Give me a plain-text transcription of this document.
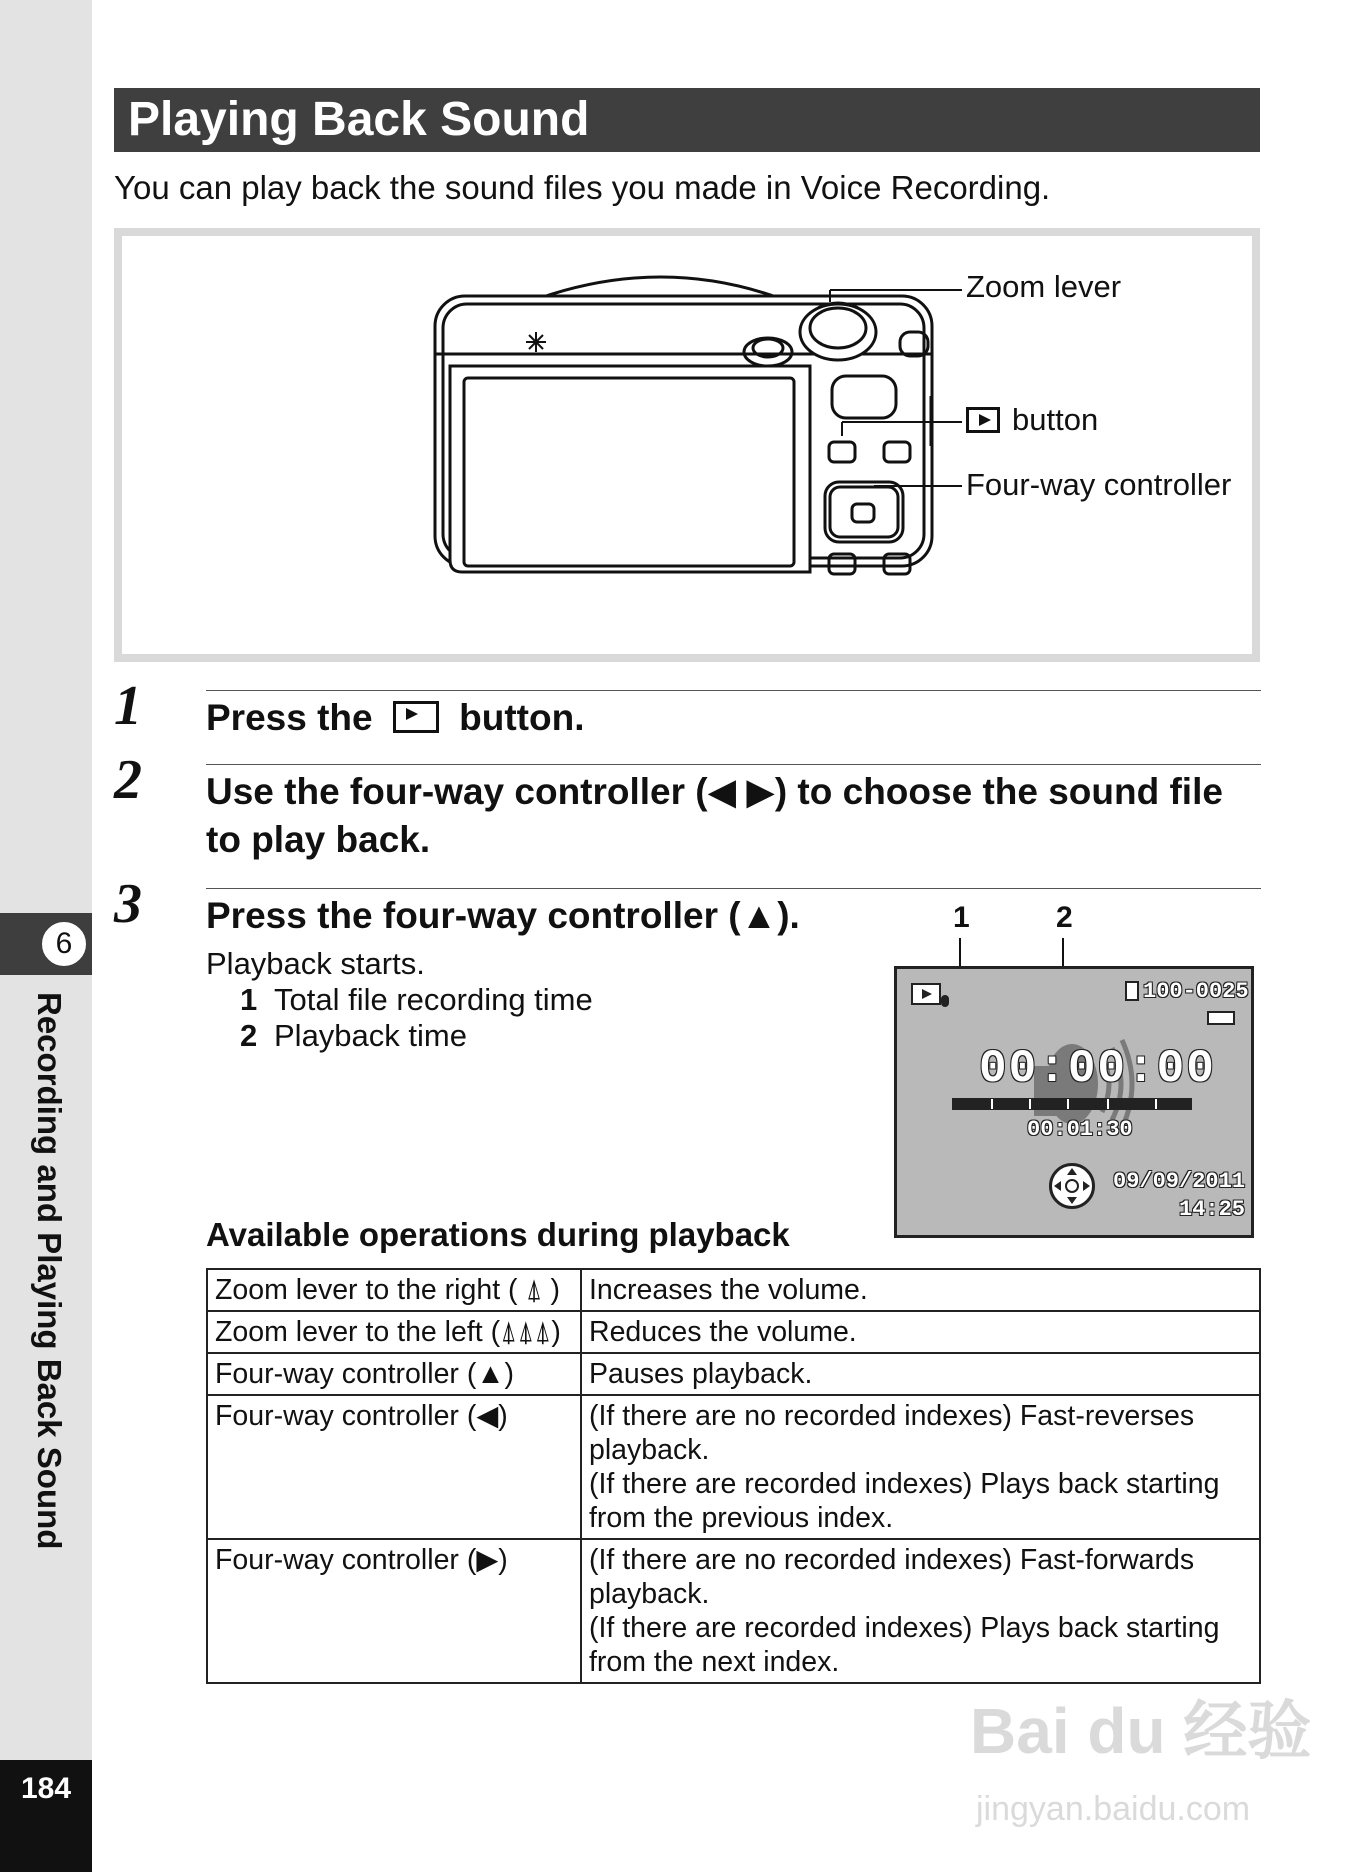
6
Recording and Playing Back Sound
184
Playing Back Sound
You can play back the sound files you made in Voice Recording.
Zoom lever
button
Four-way controller
1 Press the button.
2 Use the four-way controller (◀ ▶) to choose the sound file to play back.
3 Press the four-way controller (▲).
Playback starts.
1 Total file recording time
2 Playback time
1	2
100-0025
00:00:00
00:01:30
09/09/2011
14:25
Available operations during playback
Zoom lever to the right ( ⍋ )	Increases the volume.
Zoom lever to the left (⍋⍋⍋)	Reduces the volume.
Four-way controller (▲)	Pauses playback.
Four-way controller (◀)	(If there are no recorded indexes) Fast-reverses playback.
(If there are recorded indexes) Plays back starting from the previous index.

Four-way controller (▶)	(If there are no recorded indexes) Fast-forwards playback.
(If there are recorded indexes) Plays back starting from the next index.
Bai du 经验
jingyan.baidu.com
